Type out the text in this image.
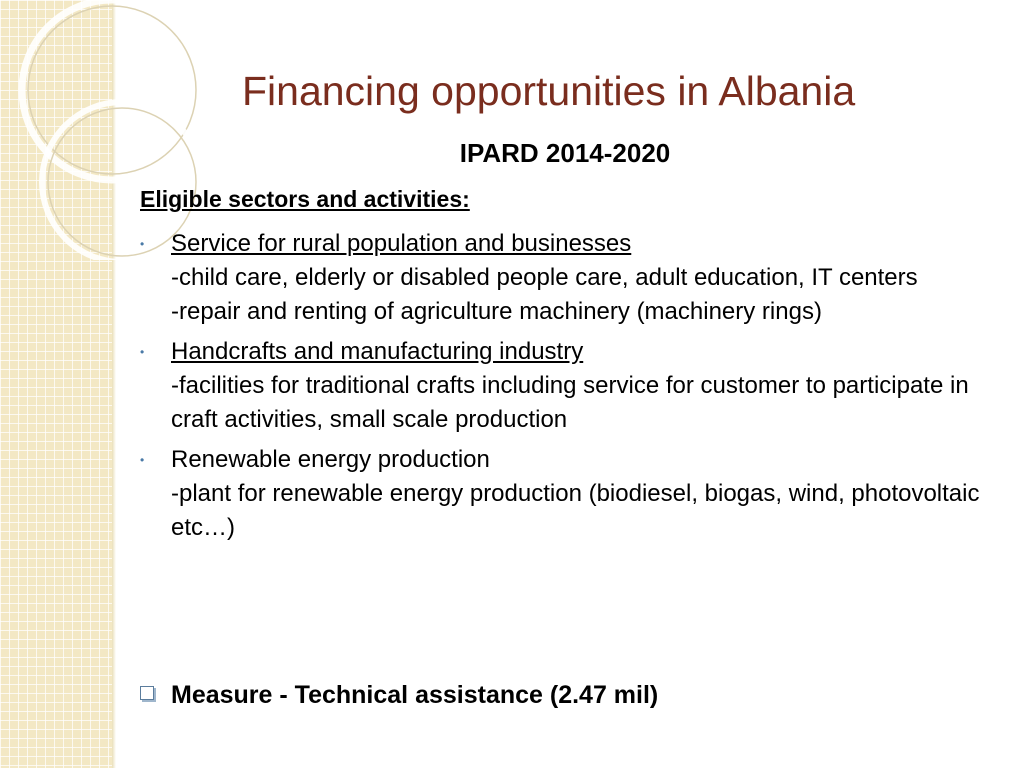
Financing opportunities in Albania
IPARD 2014-2020
Eligible sectors and activities:
• Service for rural population and businesses
-child care, elderly or disabled people care, adult education, IT centers
-repair and renting of agriculture machinery (machinery rings)
• Handcrafts and manufacturing industry
-facilities for traditional crafts including service for customer to participate in craft activities, small scale production
• Renewable energy production
-plant for renewable energy production (biodiesel, biogas, wind, photovoltaic etc…)
Measure - Technical assistance (2.47 mil)
